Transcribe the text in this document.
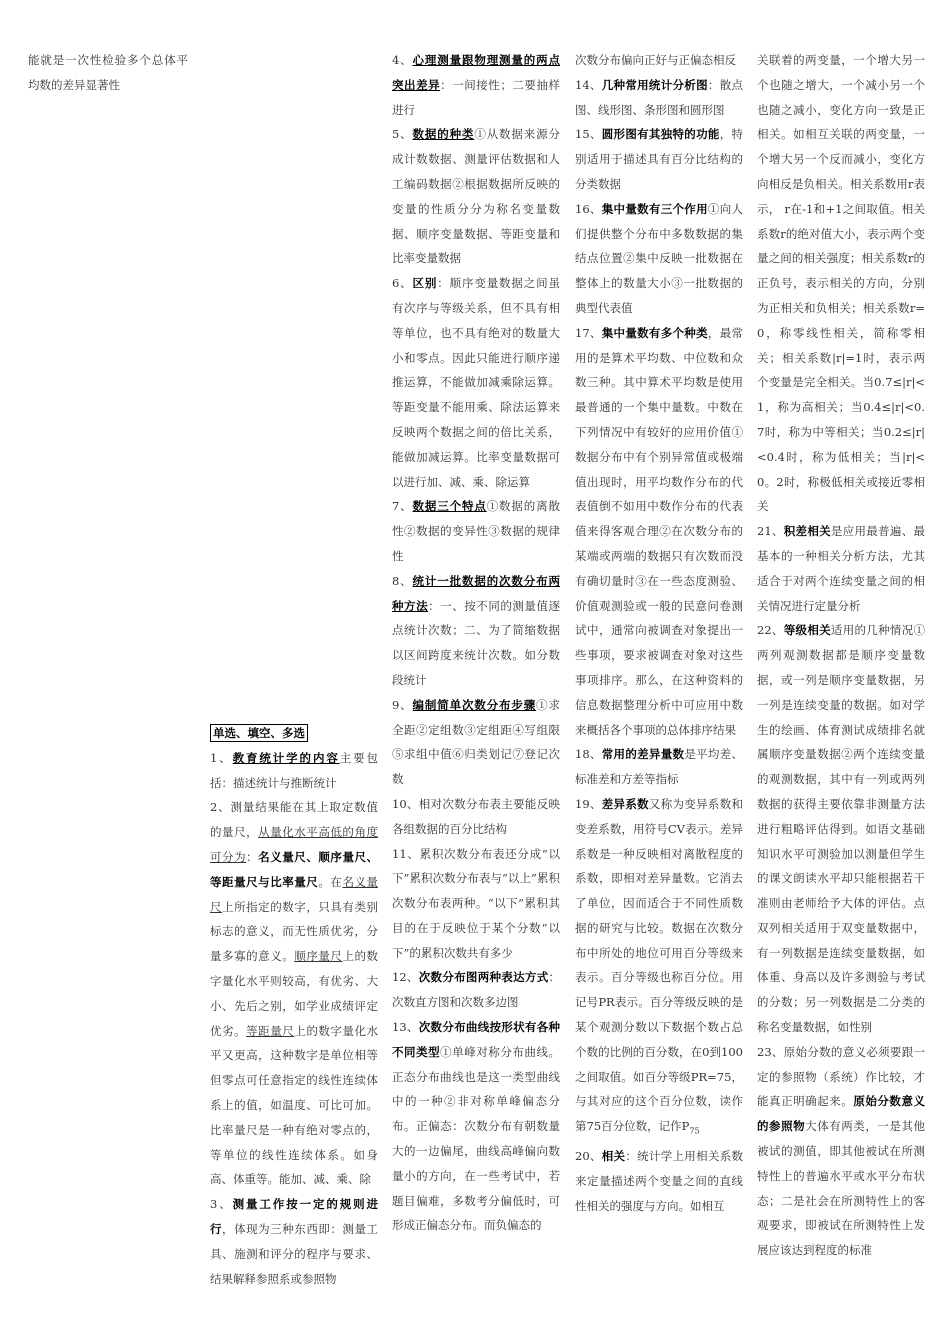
能就是一次性检验多个总体平均数的差异显著性

单选、填空、多选

1、教育统计学的内容主要包括：描述统计与推断统计

2、测量结果能在其上取定数值的量尺，从量化水平高低的角度可分为：名义量尺、顺序量尺、等距量尺与比率量尺。在名义量尺上所指定的数字，只具有类别标志的意义，而无性质优劣，分量多寡的意义。顺序量尺上的数字量化水平则较高，有优劣、大小、先后之别，如学业成绩评定优劣。等距量尺上的数字量化水平又更高，这种数字是单位相等但零点可任意指定的线性连续体系上的值，如温度、可比可加。比率量尺是一种有绝对零点的，等单位的线性连续体系。如身高、体重等。能加、减、乘、除

3、测量工作按一定的规则进行，体现为三种东西即：测量工具、施测和评分的程序与要求、结果解释参照系或参照物

4、心理测量跟物理测量的两点突出差异：一间接性；二要抽样进行

5、数据的种类①从数据来源分成计数数据、测量评估数据和人工编码数据②根据数据所反映的变量的性质分分为称名变量数据、顺序变量数据、等距变量和比率变量数据

6、区别：顺序变量数据之间虽有次序与等级关系，但不具有相等单位，也不具有绝对的数量大小和零点。因此只能进行顺序递推运算，不能做加减乘除运算。等距变量不能用乘、除法运算来反映两个数据之间的倍比关系，能做加减运算。比率变量数据可以进行加、减、乘、除运算

7、数据三个特点①数据的离散性②数据的变异性③数据的规律性

8、统计一批数据的次数分布两种方法：一、按不同的测量值逐点统计次数；二、为了简缩数据以区间跨度来统计次数。如分数段统计

9、编制简单次数分布步骤①求全距②定组数③定组距④写组限⑤求组中值⑥归类划记⑦登记次数

10、相对次数分布表主要能反映各组数据的百分比结构

11、累积次数分布表还分成“以下”累积次数分布表与“以上”累积次数分布表两种。“以下”累积其目的在于反映位于某个分数“以下”的累积次数共有多少

12、次数分布图两种表达方式：次数直方图和次数多边图

13、次数分布曲线按形状有各种不同类型①单峰对称分布曲线。正态分布曲线也是这一类型曲线中的一种②非对称单峰偏态分布。正偏态：次数分布有朝数量大的一边偏尾，曲线高峰偏向数量小的方向，在一些考试中，若题目偏难，多数考分偏低时，可形成正偏态分布。而负偏态的

次数分布偏向正好与正偏态相反

14、几种常用统计分析图：散点图、线形图、条形图和圆形图

15、圆形图有其独特的功能，特别适用于描述具有百分比结构的分类数据

16、集中量数有三个作用①向人们提供整个分布中多数数据的集结点位置②集中反映一批数据在整体上的数量大小③一批数据的典型代表值

17、集中量数有多个种类，最常用的是算术平均数、中位数和众数三种。其中算术平均数是使用最普通的一个集中量数。中数在下列情况中有较好的应用价值①数据分布中有个别异常值或极端值出现时，用平均数作分布的代表值倒不如用中数作分布的代表值来得客观合理②在次数分布的某端或两端的数据只有次数而没有确切量时③在一些态度测验、价值观测验或一般的民意问卷测试中，通常向被调查对象提出一些事项，要求被调查对象对这些事项排序。那么，在这种资料的信息数据整理分析中可应用中数来概括各个事项的总体排序结果

18、常用的差异量数是平均差、标准差和方差等指标

19、差异系数又称为变异系数和变差系数，用符号CV表示。差异系数是一种反映相对离散程度的系数，即相对差异量数。它消去了单位，因而适合于不同性质数据的研究与比较。数据在次数分布中所处的地位可用百分等级来表示。百分等级也称百分位。用记号PR表示。百分等级反映的是某个观测分数以下数据个数占总个数的比例的百分数，在0到100之间取值。如百分等级PR=75，与其对应的这个百分位数，读作第75百分位数，记作$P_{75}$

20、相关：统计学上用相关系数来定量描述两个变量之间的直线性相关的强度与方向。如相互

关联着的两变量，一个增大另一个也随之增大，一个减小另一个也随之减小，变化方向一致是正相关。如相互关联的两变量，一个增大另一个反而减小，变化方向相反是负相关。相关系数用r表示， r在-1和+1之间取值。相关系数r的绝对值大小，表示两个变量之间的相关强度；相关系数r的正负号，表示相关的方向，分别为正相关和负相关；相关系数r=0，称零线性相关，简称零相关；相关系数|r|=1时，表示两个变量是完全相关。当0.7≤|r|<1，称为高相关；当0.4≤|r|<0.7时，称为中等相关；当0.2≤|r|<0.4时，称为低相关；当|r|<0。2时，称极低相关或接近零相关

21、积差相关是应用最普遍、最基本的一种相关分析方法，尤其适合于对两个连续变量之间的相关情况进行定量分析

22、等级相关适用的几种情况①两列观测数据都是顺序变量数据，或一列是顺序变量数据，另一列是连续变量的数据。如对学生的绘画、体育测试成绩排名就属顺序变量数据②两个连续变量的观测数据，其中有一列或两列数据的获得主要依靠非测量方法进行粗略评估得到。如语文基础知识水平可测验加以测量但学生的课文朗读水平却只能根据若干准则由老师给予大体的评估。点双列相关适用于双变量数据中，有一列数据是连续变量数据，如体重、身高以及许多测验与考试的分数；另一列数据是二分类的称名变量数据，如性别

23、原始分数的意义必须要跟一定的参照物（系统）作比较，才能真正明确起来。原始分数意义的参照物大体有两类，一是其他被试的测值，即其他被试在所测特性上的普遍水平或水平分布状态；二是社会在所测特性上的客观要求，即被试在所测特性上发展应该达到程度的标准
